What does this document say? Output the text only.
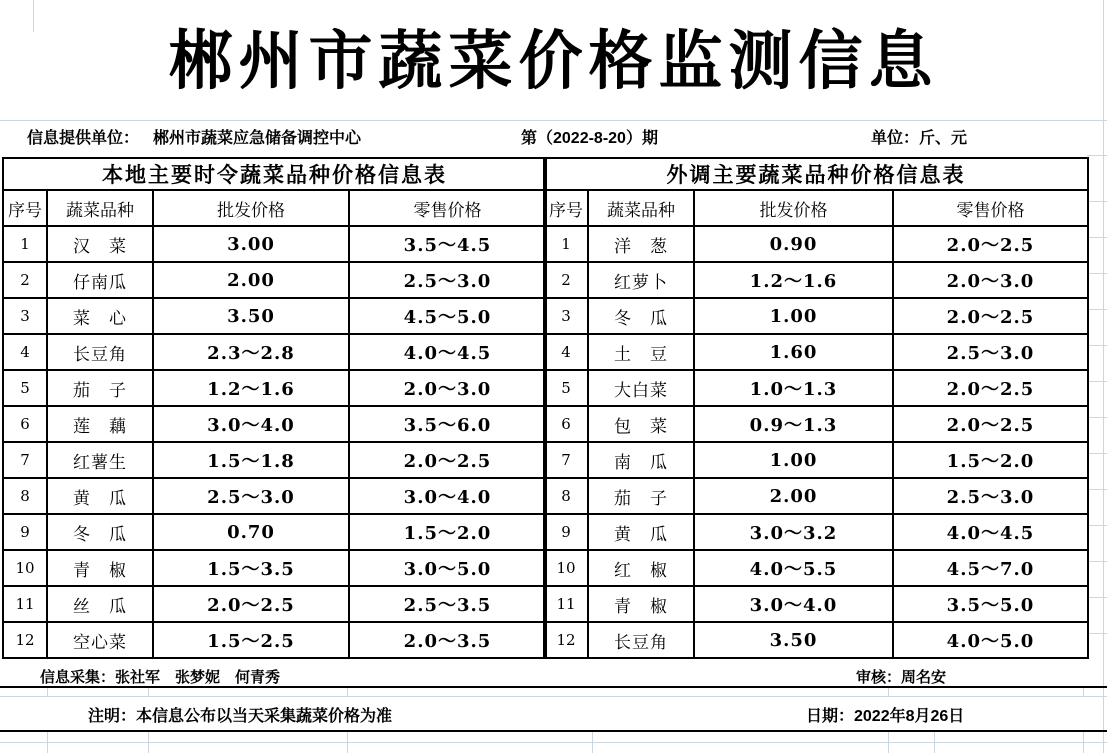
郴州市蔬菜价格监测信息
信息提供单位： 郴州市蔬菜应急储备调控中心	第（2022-8-20）期	单位：斤、元
本地主要时令蔬菜品种价格信息表			
序号	蔬菜品种	批发价格	零售价格
1	汉　菜	3.00	3.5～4.5
2	仔南瓜	2.00	2.5～3.0
3	菜　心	3.50	4.5～5.0
4	长豆角	2.3～2.8	4.0～4.5
5	茄　子	1.2～1.6	2.0～3.0
6	莲　藕	3.0～4.0	3.5～6.0
7	红薯生	1.5～1.8	2.0～2.5
8	黄　瓜	2.5～3.0	3.0～4.0
9	冬　瓜	0.70	1.5～2.0
10	青　椒	1.5～3.5	3.0～5.0
11	丝　瓜	2.0～2.5	2.5～3.5
12	空心菜	1.5～2.5	2.0～3.5
外调主要蔬菜品种价格信息表			
序号	蔬菜品种	批发价格	零售价格
1	洋　葱	0.90	2.0～2.5
2	红萝卜	1.2～1.6	2.0～3.0
3	冬　瓜	1.00	2.0～2.5
4	土　豆	1.60	2.5～3.0
5	大白菜	1.0～1.3	2.0～2.5
6	包　菜	0.9～1.3	2.0～2.5
7	南　瓜	1.00	1.5～2.0
8	茄　子	2.00	2.5～3.0
9	黄　瓜	3.0～3.2	4.0～4.5
10	红　椒	4.0～5.5	4.5～7.0
11	青　椒	3.0～4.0	3.5～5.0
12	长豆角	3.50	4.0～5.0
信息采集：张社军　张梦妮　何青秀	审核：周名安
注明：本信息公布以当天采集蔬菜价格为准	日期：2022年8月26日
